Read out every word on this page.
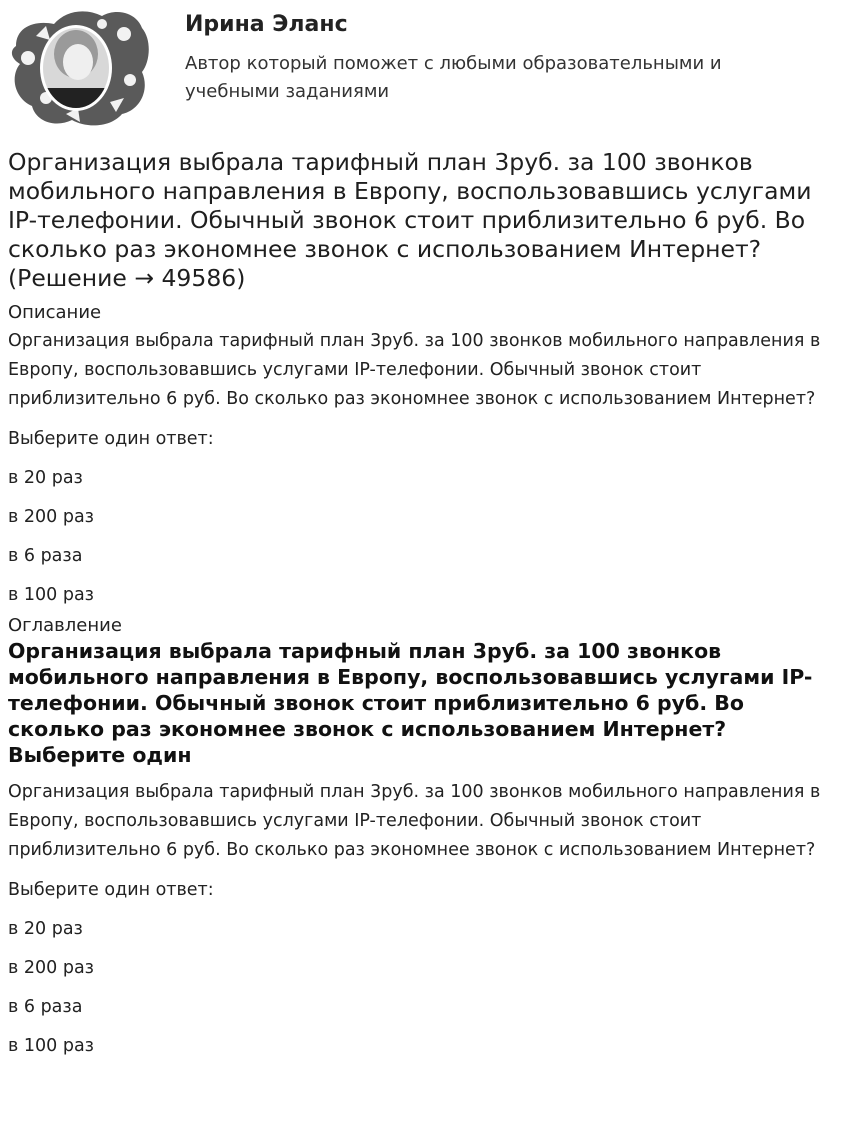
Ирина Эланс
Автор который поможет с любыми образовательными и учебными заданиями
Организация выбрала тарифный план 3руб. за 100 звонков мобильного направления в Европу, воспользовавшись услугами IP-телефонии. Обычный звонок стоит приблизительно 6 руб. Во сколько раз экономнее звонок с использованием Интернет? (Решение → 49586)
Описание
Организация выбрала тарифный план 3руб. за 100 звонков мобильного направления в Европу, воспользовавшись услугами IP-телефонии. Обычный звонок стоит приблизительно 6 руб. Во сколько раз экономнее звонок с использованием Интернет?
Выберите один ответ:
в 20 раз
в 200 раз
в 6 раза
в 100 раз
Оглавление
Организация выбрала тарифный план 3руб. за 100 звонков мобильного направления в Европу, воспользовавшись услугами IP-телефонии. Обычный звонок стоит приблизительно 6 руб. Во сколько раз экономнее звонок с использованием Интернет?Выберите один
Организация выбрала тарифный план 3руб. за 100 звонков мобильного направления в Европу, воспользовавшись услугами IP-телефонии. Обычный звонок стоит приблизительно 6 руб. Во сколько раз экономнее звонок с использованием Интернет?
Выберите один ответ:
в 20 раз
в 200 раз
в 6 раза
в 100 раз
